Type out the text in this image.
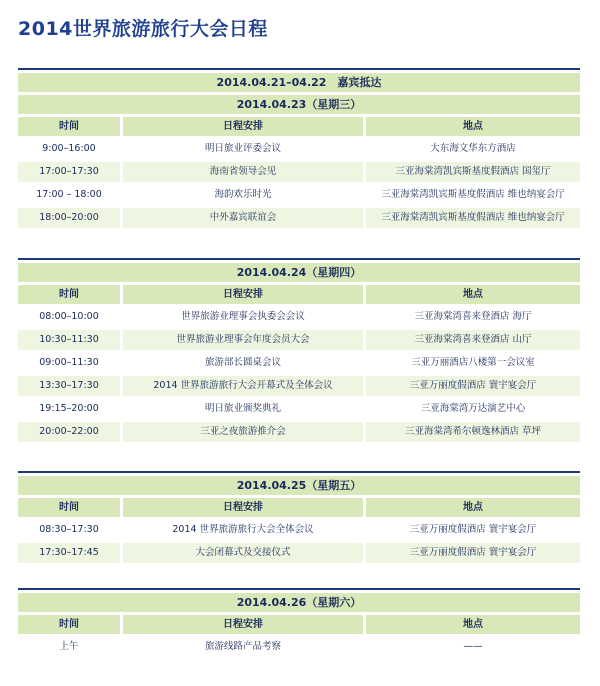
2014世界旅游旅行大会日程
2014.04.21–04.22　嘉宾抵达
2014.04.23（星期三）
时间	日程安排	地点
9:00–16:00	明日旅业评委会议	大东海文华东方酒店
17:00–17:30	海南省领导会见	三亚海棠湾凯宾斯基度假酒店 国玺厅
17:00 – 18:00	海韵欢乐时光	三亚海棠湾凯宾斯基度假酒店 维也纳宴会厅
18:00–20:00	中外嘉宾联谊会	三亚海棠湾凯宾斯基度假酒店 维也纳宴会厅
2014.04.24（星期四）
时间	日程安排	地点
08:00–10:00	世界旅游业理事会执委会会议	三亚海棠湾喜来登酒店 海厅
10:30–11:30	世界旅游业理事会年度会员大会	三亚海棠湾喜来登酒店 山厅
09:00–11:30	旅游部长圆桌会议	三亚万丽酒店八楼第一会议室
13:30–17:30	2014 世界旅游旅行大会开幕式及全体会议	三亚万丽度假酒店 寰宇宴会厅
19:15–20:00	明日旅业颁奖典礼	三亚海棠湾万达演艺中心
20:00–22:00	三亚之夜旅游推介会	三亚海棠湾希尔顿逸林酒店 草坪
2014.04.25（星期五）
时间	日程安排	地点
08:30–17:30	2014 世界旅游旅行大会全体会议	三亚万丽度假酒店 寰宇宴会厅
17:30–17:45	大会闭幕式及交接仪式	三亚万丽度假酒店 寰宇宴会厅
2014.04.26（星期六）
时间	日程安排	地点
上午	旅游线路产品考察	——
